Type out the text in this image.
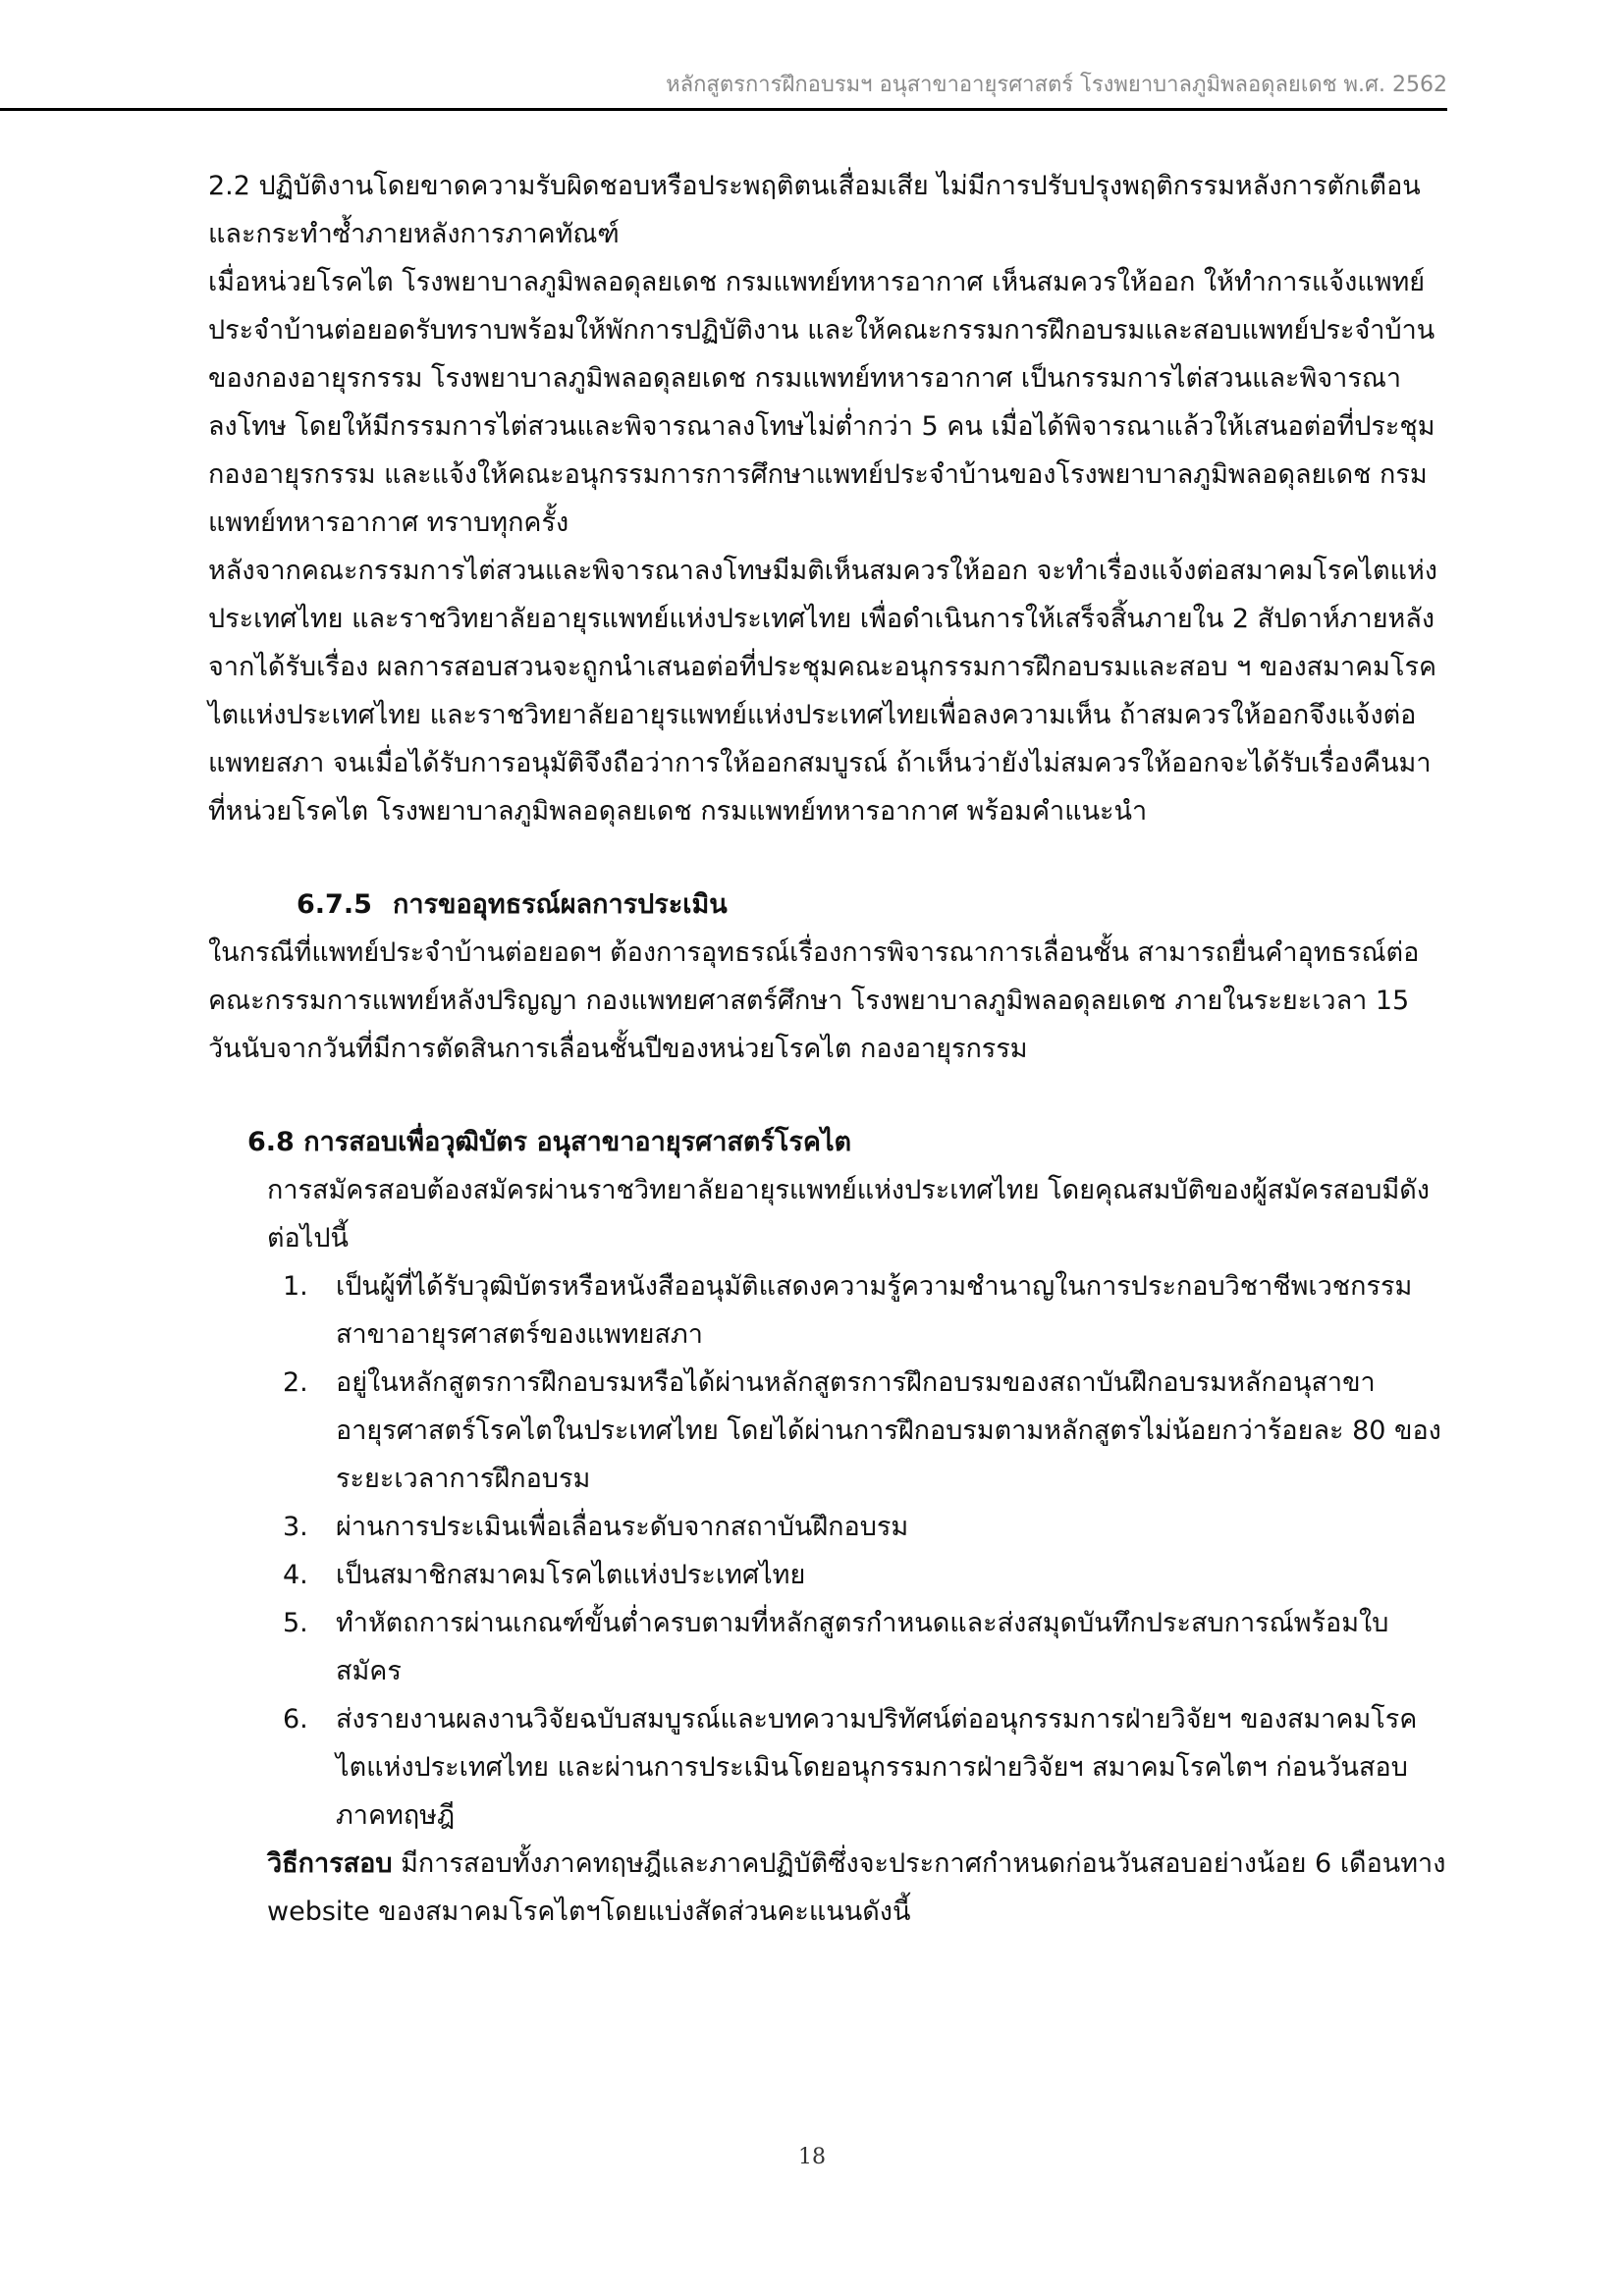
หลักสูตรการฝึกอบรมฯ อนุสาขาอายุรศาสตร์ โรงพยาบาลภูมิพลอดุลยเดช พ.ศ. 2562

2.2 ปฏิบัติงานโดยขาดความรับผิดชอบหรือประพฤติตนเสื่อมเสีย ไม่มีการปรับปรุงพฤติกรรมหลังการตักเตือน และกระทำซ้ำภายหลังการภาคทัณฑ์

เมื่อหน่วยโรคไต โรงพยาบาลภูมิพลอดุลยเดช กรมแพทย์ทหารอากาศ เห็นสมควรให้ออก ให้ทำการแจ้งแพทย์ประจำบ้านต่อยอดรับทราบพร้อมให้พักการปฏิบัติงาน และให้คณะกรรมการฝึกอบรมและสอบแพทย์ประจำบ้านของกองอายุรกรรม โรงพยาบาลภูมิพลอดุลยเดช กรมแพทย์ทหารอากาศ เป็นกรรมการไต่สวนและพิจารณาลงโทษ โดยให้มีกรรมการไต่สวนและพิจารณาลงโทษไม่ต่ำกว่า 5 คน เมื่อได้พิจารณาแล้วให้เสนอต่อที่ประชุมกองอายุรกรรม และแจ้งให้คณะอนุกรรมการการศึกษาแพทย์ประจำบ้านของโรงพยาบาลภูมิพลอดุลยเดช กรมแพทย์ทหารอากาศ ทราบทุกครั้ง

หลังจากคณะกรรมการไต่สวนและพิจารณาลงโทษมีมติเห็นสมควรให้ออก จะทำเรื่องแจ้งต่อสมาคมโรคไตแห่งประเทศไทย และราชวิทยาลัยอายุรแพทย์แห่งประเทศไทย เพื่อดำเนินการให้เสร็จสิ้นภายใน 2 สัปดาห์ภายหลังจากได้รับเรื่อง ผลการสอบสวนจะถูกนำเสนอต่อที่ประชุมคณะอนุกรรมการฝึกอบรมและสอบ ฯ ของสมาคมโรคไตแห่งประเทศไทย และราชวิทยาลัยอายุรแพทย์แห่งประเทศไทยเพื่อลงความเห็น ถ้าสมควรให้ออกจึงแจ้งต่อแพทยสภา จนเมื่อได้รับการอนุมัติจึงถือว่าการให้ออกสมบูรณ์ ถ้าเห็นว่ายังไม่สมควรให้ออกจะได้รับเรื่องคืนมาที่หน่วยโรคไต โรงพยาบาลภูมิพลอดุลยเดช กรมแพทย์ทหารอากาศ พร้อมคำแนะนำ

6.7.5 การขออุทธรณ์ผลการประเมิน

ในกรณีที่แพทย์ประจำบ้านต่อยอดฯ ต้องการอุทธรณ์เรื่องการพิจารณาการเลื่อนชั้น สามารถยื่นคำอุทธรณ์ต่อคณะกรรมการแพทย์หลังปริญญา กองแพทยศาสตร์ศึกษา โรงพยาบาลภูมิพลอดุลยเดช ภายในระยะเวลา 15 วันนับจากวันที่มีการตัดสินการเลื่อนชั้นปีของหน่วยโรคไต กองอายุรกรรม

6.8 การสอบเพื่อวุฒิบัตร อนุสาขาอายุรศาสตร์โรคไต

การสมัครสอบต้องสมัครผ่านราชวิทยาลัยอายุรแพทย์แห่งประเทศไทย โดยคุณสมบัติของผู้สมัครสอบมีดังต่อไปนี้

1.	เป็นผู้ที่ได้รับวุฒิบัตรหรือหนังสืออนุมัติแสดงความรู้ความชำนาญในการประกอบวิชาชีพเวชกรรมสาขาอายุรศาสตร์ของแพทยสภา
2.	อยู่ในหลักสูตรการฝึกอบรมหรือได้ผ่านหลักสูตรการฝึกอบรมของสถาบันฝึกอบรมหลักอนุสาขาอายุรศาสตร์โรคไตในประเทศไทย โดยได้ผ่านการฝึกอบรมตามหลักสูตรไม่น้อยกว่าร้อยละ 80 ของระยะเวลาการฝึกอบรม
3.	ผ่านการประเมินเพื่อเลื่อนระดับจากสถาบันฝึกอบรม
4.	เป็นสมาชิกสมาคมโรคไตแห่งประเทศไทย
5.	ทำหัตถการผ่านเกณฑ์ขั้นต่ำครบตามที่หลักสูตรกำหนดและส่งสมุดบันทึกประสบการณ์พร้อมใบสมัคร
6.	ส่งรายงานผลงานวิจัยฉบับสมบูรณ์และบทความปริทัศน์ต่ออนุกรรมการฝ่ายวิจัยฯ ของสมาคมโรคไตแห่งประเทศไทย และผ่านการประเมินโดยอนุกรรมการฝ่ายวิจัยฯ สมาคมโรคไตฯ ก่อนวันสอบภาคทฤษฎี

วิธีการสอบ มีการสอบทั้งภาคทฤษฎีและภาคปฏิบัติซึ่งจะประกาศกำหนดก่อนวันสอบอย่างน้อย 6 เดือนทาง website ของสมาคมโรคไตฯโดยแบ่งสัดส่วนคะแนนดังนี้

18
